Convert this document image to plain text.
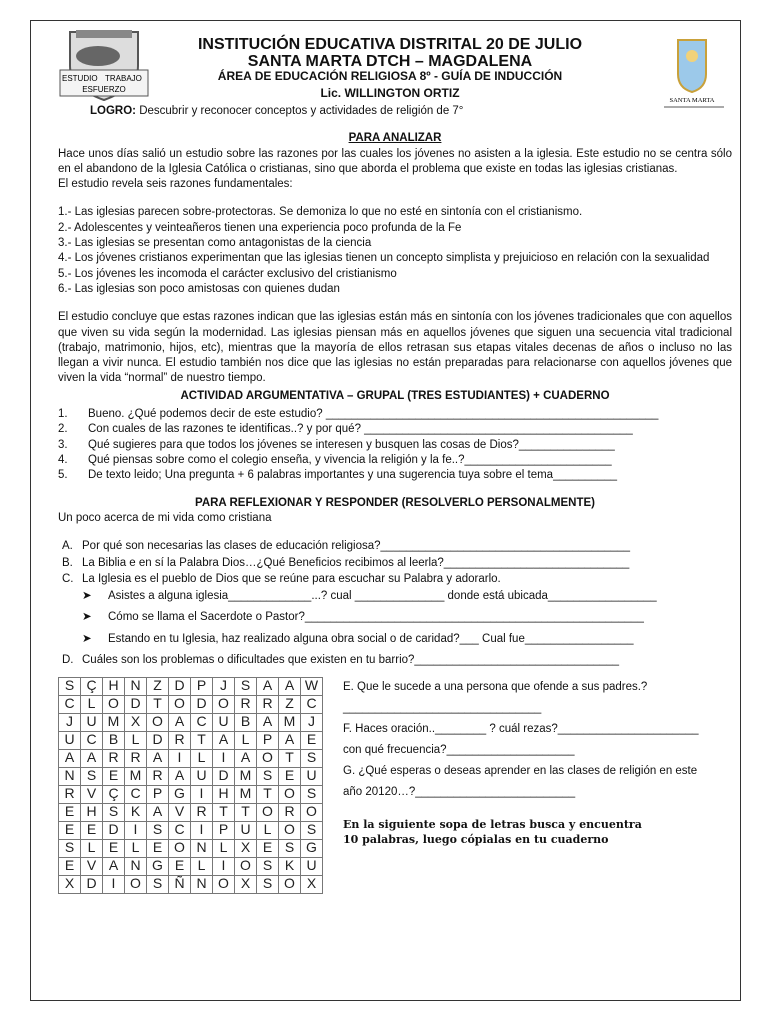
ESTUDIO TRABAJO
ESFUERZO
SANTA MARTA
INSTITUCIÓN EDUCATIVA DISTRITAL 20 DE JULIO
SANTA MARTA DTCH – MAGDALENA
ÁREA DE EDUCACIÓN RELIGIOSA 8º - GUÍA DE INDUCCIÓN
Lic. WILLINGTON ORTIZ
LOGRO: Descubrir y reconocer conceptos y actividades de religión de 7°
PARA ANALIZAR
Hace unos días salió un estudio sobre las razones por las cuales los jóvenes no asisten a la iglesia. Este estudio no se centra sólo en el abandono de la Iglesia Católica o cristianas, sino que aborda el problema que existe en todas las iglesias cristianas.
El estudio revela seis razones fundamentales:
1.- Las iglesias parecen sobre-protectoras. Se demoniza lo que no esté en sintonía con el cristianismo.
2.- Adolescentes y veinteañeros tienen una experiencia poco profunda de la Fe
3.- Las iglesias se presentan como antagonistas de la ciencia
4.- Los jóvenes cristianos experimentan que las iglesias tienen un concepto simplista y prejuicioso en relación con la sexualidad
5.- Los jóvenes les incomoda el carácter exclusivo del cristianismo
6.- Las iglesias son poco amistosas con quienes dudan
El estudio concluye que estas razones indican que las iglesias están más en sintonía con los jóvenes tradicionales que con aquellos que viven su vida según la modernidad. Las iglesias piensan más en aquellos jóvenes que siguen una secuencia vital tradicional (trabajo, matrimonio, hijos, etc), mientras que la mayoría de ellos retrasan sus etapas vitales decenas de años o incluso no las llegan a vivir nunca. El estudio también nos dice que las iglesias no están preparadas para relacionarse con aquellos jóvenes que viven la vida “normal” de nuestro tiempo.
ACTIVIDAD ARGUMENTATIVA – GRUPAL (TRES ESTUDIANTES) + CUADERNO
1. Bueno. ¿Qué podemos decir de este estudio? ____________________________________________________
2. Con cuales de las razones te identificas..? y por qué? __________________________________________
3. Qué sugieres para que todos los jóvenes se interesen y busquen las cosas de Dios?_______________
4. Qué piensas sobre como el colegio enseña, y vivencia la religión y la fe..?_______________________
5. De texto leido; Una pregunta + 6 palabras importantes y una sugerencia tuya sobre el tema__________
PARA REFLEXIONAR Y RESPONDER (RESOLVERLO PERSONALMENTE)
Un poco acerca de mi vida como cristiana
A. Por qué son necesarias las clases de educación religiosa?_______________________________________
B. La Biblia e en sí la Palabra Dios…¿Qué Beneficios recibimos al leerla?_____________________________
C. La Iglesia es el pueblo de Dios que se reúne para escuchar su Palabra y adorarlo.
➤ Asistes a alguna iglesia_____________...? cual ______________ donde está ubicada_________________
➤ Cómo se llama el Sacerdote o Pastor?_____________________________________________________
➤ Estando en tu Iglesia, haz realizado alguna obra social o de caridad?___ Cual fue_________________
D. Cuáles son los problemas o dificultades que existen en tu barrio?________________________________
S	Ç	H	N	Z	D	P	J	S	A	A	W
C	L	O	D	T	O	D	O	R	R	Z	C
J	U	M	X	O	A	C	U	B	A	M	J
U	C	B	L	D	R	T	A	L	P	A	E
A	A	R	R	A	I	L	I	A	O	T	S
N	S	E	M	R	A	U	D	M	S	E	U
R	V	Ç	C	P	G	I	H	M	T	O	S
E	H	S	K	A	V	R	T	T	O	R	O
E	E	D	I	S	C	I	P	U	L	O	S
S	L	E	L	E	O	N	L	X	E	S	G
E	V	A	N	G	E	L	I	O	S	K	U
X	D	I	O	S	Ñ	N	O	X	S	O	X
E. Que le sucede a una persona que ofende a sus padres.?_______________________________
F. Haces oración..________ ? cuál rezas?______________________ con qué frecuencia?____________________
G. ¿Qué esperas o deseas aprender en las clases de religión en este año 20120…?_________________________
En la siguiente sopa de letras busca y encuentra 10 palabras, luego cópialas en tu cuaderno
